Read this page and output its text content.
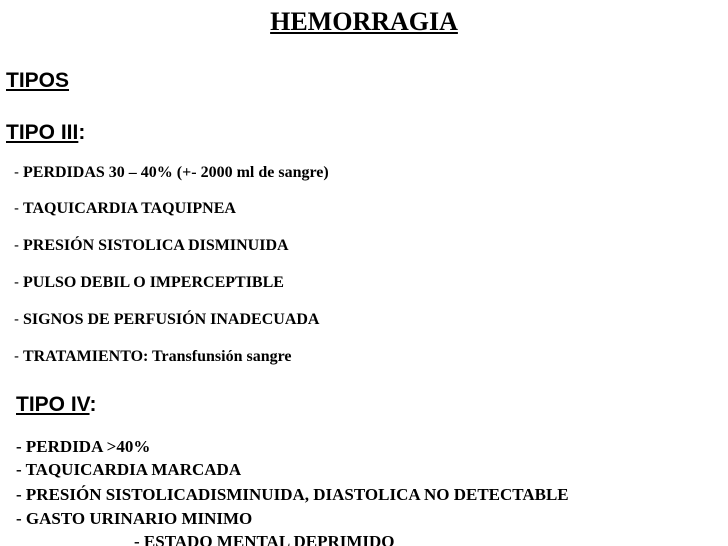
HEMORRAGIA
TIPOS
TIPO III:
- PERDIDAS 30 – 40% (+- 2000 ml de sangre)
- TAQUICARDIA TAQUIPNEA
- PRESIÓN SISTOLICA DISMINUIDA
- PULSO DEBIL O IMPERCEPTIBLE
- SIGNOS DE PERFUSIÓN INADECUADA
- TRATAMIENTO: Transfunsión sangre
TIPO IV:
- PERDIDA >40%
- TAQUICARDIA MARCADA
- PRESIÓN SISTOLICADISMINUIDA, DIASTOLICA NO DETECTABLE
- GASTO URINARIO MINIMO
- ESTADO MENTAL DEPRIMIDO
